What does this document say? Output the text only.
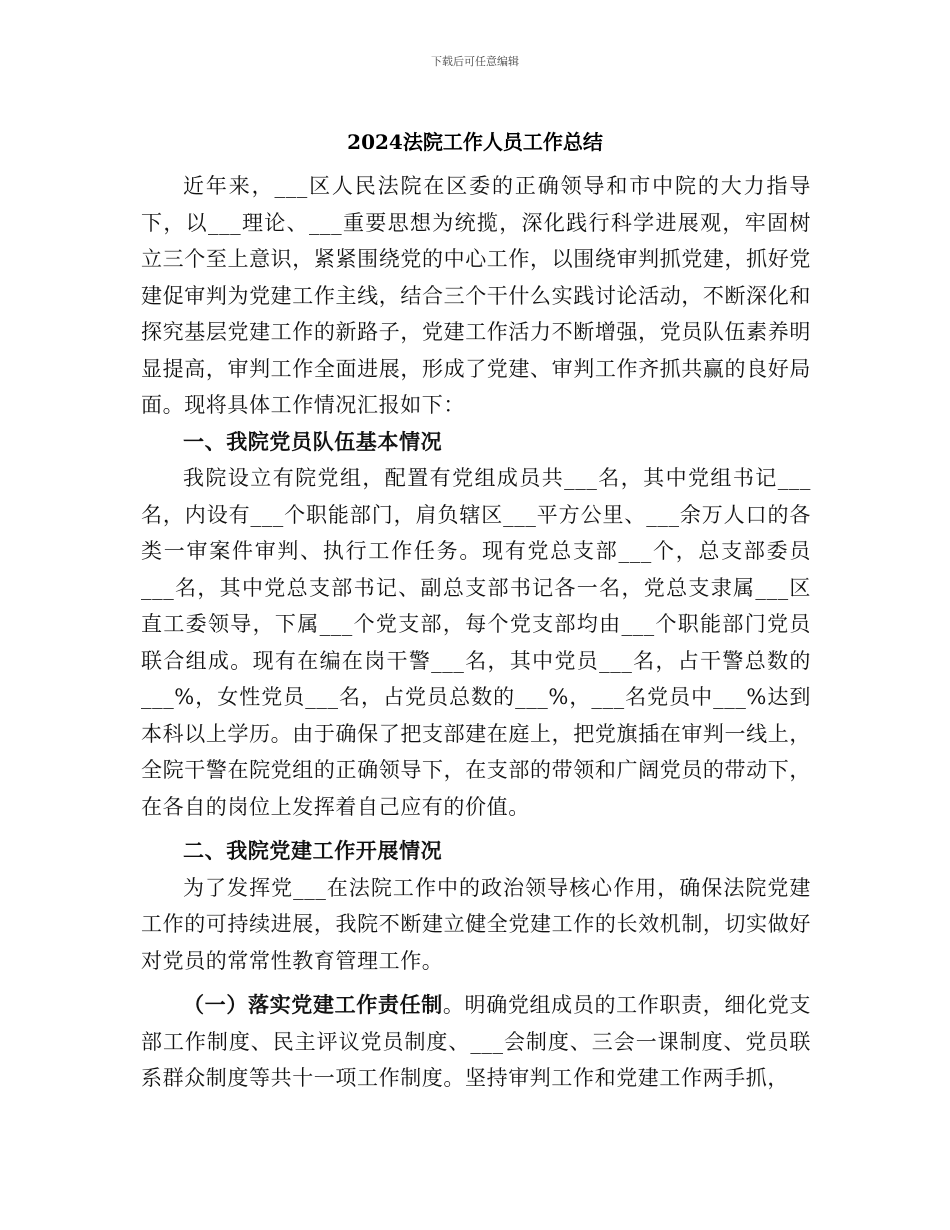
下载后可任意编辑
2024法院工作人员工作总结

近年来，___区人民法院在区委的正确领导和市中院的大力指导下，以___理论、___重要思想为统揽，深化践行科学进展观，牢固树立三个至上意识，紧紧围绕党的中心工作，以围绕审判抓党建，抓好党建促审判为党建工作主线，结合三个干什么实践讨论活动，不断深化和探究基层党建工作的新路子，党建工作活力不断增强，党员队伍素养明显提高，审判工作全面进展，形成了党建、审判工作齐抓共赢的良好局面。现将具体工作情况汇报如下：

一、我院党员队伍基本情况

我院设立有院党组，配置有党组成员共___名，其中党组书记___名，内设有___个职能部门，肩负辖区___平方公里、___余万人口的各类一审案件审判、执行工作任务。现有党总支部___个，总支部委员___名，其中党总支部书记、副总支部书记各一名，党总支隶属___区直工委领导，下属___个党支部，每个党支部均由___个职能部门党员联合组成。现有在编在岗干警___名，其中党员___名，占干警总数的___%，女性党员___名，占党员总数的___%，___名党员中___%达到本科以上学历。由于确保了把支部建在庭上，把党旗插在审判一线上，全院干警在院党组的正确领导下，在支部的带领和广阔党员的带动下，在各自的岗位上发挥着自己应有的价值。

二、我院党建工作开展情况

为了发挥党___在法院工作中的政治领导核心作用，确保法院党建工作的可持续进展，我院不断建立健全党建工作的长效机制，切实做好对党员的常常性教育管理工作。

（一）落实党建工作责任制。明确党组成员的工作职责，细化党支部工作制度、民主评议党员制度、___会制度、三会一课制度、党员联系群众制度等共十一项工作制度。坚持审判工作和党建工作两手抓，
